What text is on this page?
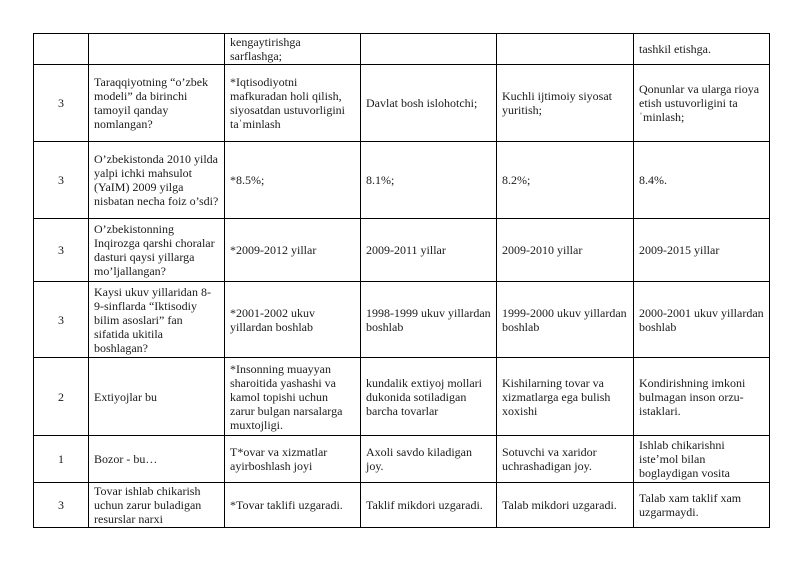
		kengaytirishga sarflashga;			tashkil etishga.
3	Taraqqiyotning “o’zbek modeli” da birinchi tamoyil qanday nomlangan?	*Iqtisodiyotni mafkuradan holi qilish, siyosatdan ustuvorligini taˈminlash	Davlat bosh islohotchi;	Kuchli ijtimoiy siyosat yuritish;	Qonunlar va ularga rioya etish ustuvorligini taˈminlash;
3	O’zbekistonda 2010 yilda yalpi ichki mahsulot (YaIM) 2009 yilga nisbatan necha foiz o’sdi?	*8.5%;	8.1%;	8.2%;	8.4%.
3	O’zbekistonning Inqirozga qarshi choralar dasturi qaysi yillarga mo’ljallangan?	*2009-2012 yillar	2009-2011 yillar	2009-2010 yillar	2009-2015 yillar
3	Kaysi ukuv yillaridan 8-9-sinflarda “Iktisodiy bilim asoslari” fan sifatida ukitila boshlagan?	*2001-2002 ukuv yillardan boshlab	1998-1999 ukuv yillardan boshlab	1999-2000 ukuv yillardan boshlab	2000-2001 ukuv yillardan boshlab
2	Extiyojlar bu	*Insonning muayyan sharoitida yashashi va kamol topishi uchun zarur bulgan narsalarga muxtojligi.	kundalik extiyoj mollari dukonida sotiladigan barcha tovarlar	Kishilarning tovar va xizmatlarga ega bulish xoxishi	Kondirishning imkoni bulmagan inson orzu-istaklari.
1	Bozor - bu…	T*ovar va xizmatlar ayirboshlash joyi	Axoli savdo kiladigan joy.	Sotuvchi va xaridor uchrashadigan joy.	Ishlab chikarishni isteʼmol bilan boglaydigan vosita
3	Tovar ishlab chikarish uchun zarur buladigan resurslar narxi	*Tovar taklifi uzgaradi.	Taklif mikdori uzgaradi.	Talab mikdori uzgaradi.	Talab xam taklif xam uzgarmaydi.
